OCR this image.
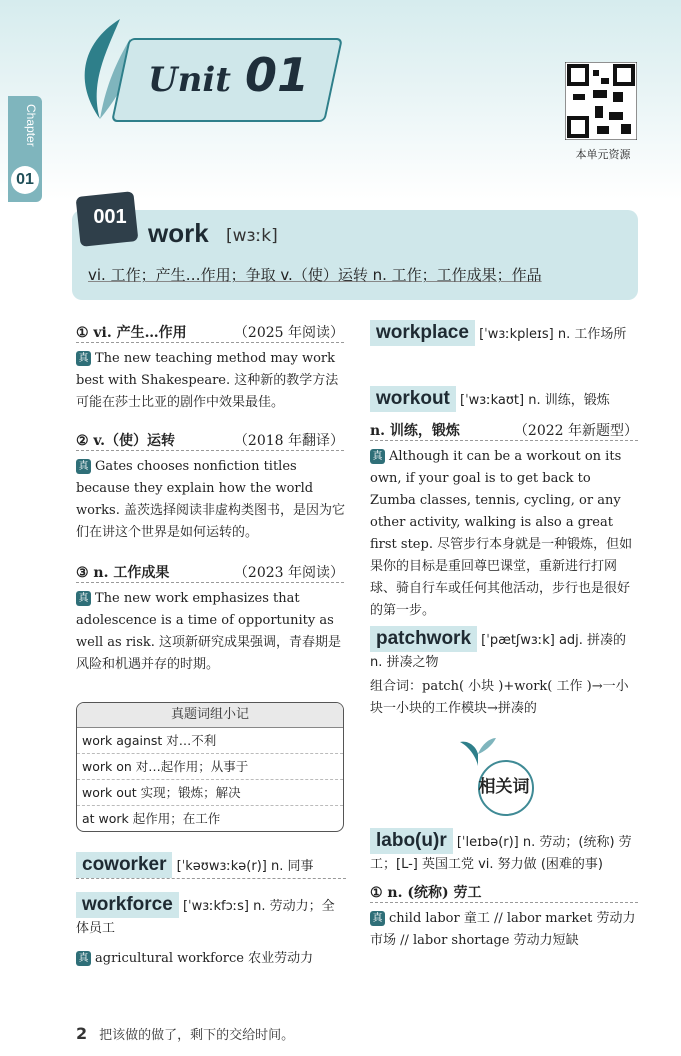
Unit 01
Chapter
01
本单元资源
001
work [wɜːk]
vi. 工作；产生…作用；争取 v.（使）运转 n. 工作；工作成果；作品
① vi. 产生…作用	（2025 年阅读）
真 The new teaching method may work best with Shakespeare. 这种新的教学方法可能在莎士比亚的剧作中效果最佳。
② v.（使）运转	（2018 年翻译）
真 Gates chooses nonfiction titles because they explain how the world works. 盖茨选择阅读非虚构类图书，是因为它们在讲这个世界是如何运转的。
③ n. 工作成果	（2023 年阅读）
真 The new work emphasizes that adolescence is a time of opportunity as well as risk. 这项新研究成果强调，青春期是风险和机遇并存的时期。
真题词组小记
work against 对…不利
work on 对…起作用；从事于
work out 实现；锻炼；解决
at work 起作用；在工作
coworker [ˈkəʊwɜːkə(r)] n. 同事
workforce [ˈwɜːkfɔːs] n. 劳动力；全体员工
真 agricultural workforce 农业劳动力
workplace [ˈwɜːkpleɪs] n. 工作场所
workout [ˈwɜːkaʊt] n. 训练，锻炼
n. 训练，锻炼	（2022 年新题型）
真 Although it can be a workout on its own, if your goal is to get back to Zumba classes, tennis, cycling, or any other activity, walking is also a great first step. 尽管步行本身就是一种锻炼，但如果你的目标是重回尊巴课堂，重新进行打网球、骑自行车或任何其他活动，步行也是很好的第一步。
patchwork [ˈpætʃwɜːk] adj. 拼凑的 n. 拼凑之物
组合词：patch( 小块 )+work( 工作 )→一小块一小块的工作模块→拼凑的
相关词
labo(u)r [ˈleɪbə(r)] n. 劳动；(统称) 劳工；[L-] 英国工党 vi. 努力做 (困难的事)
① n. (统称) 劳工
真 child labor 童工 // labor market 劳动力市场 // labor shortage 劳动力短缺
2 把该做的做了，剩下的交给时间。
